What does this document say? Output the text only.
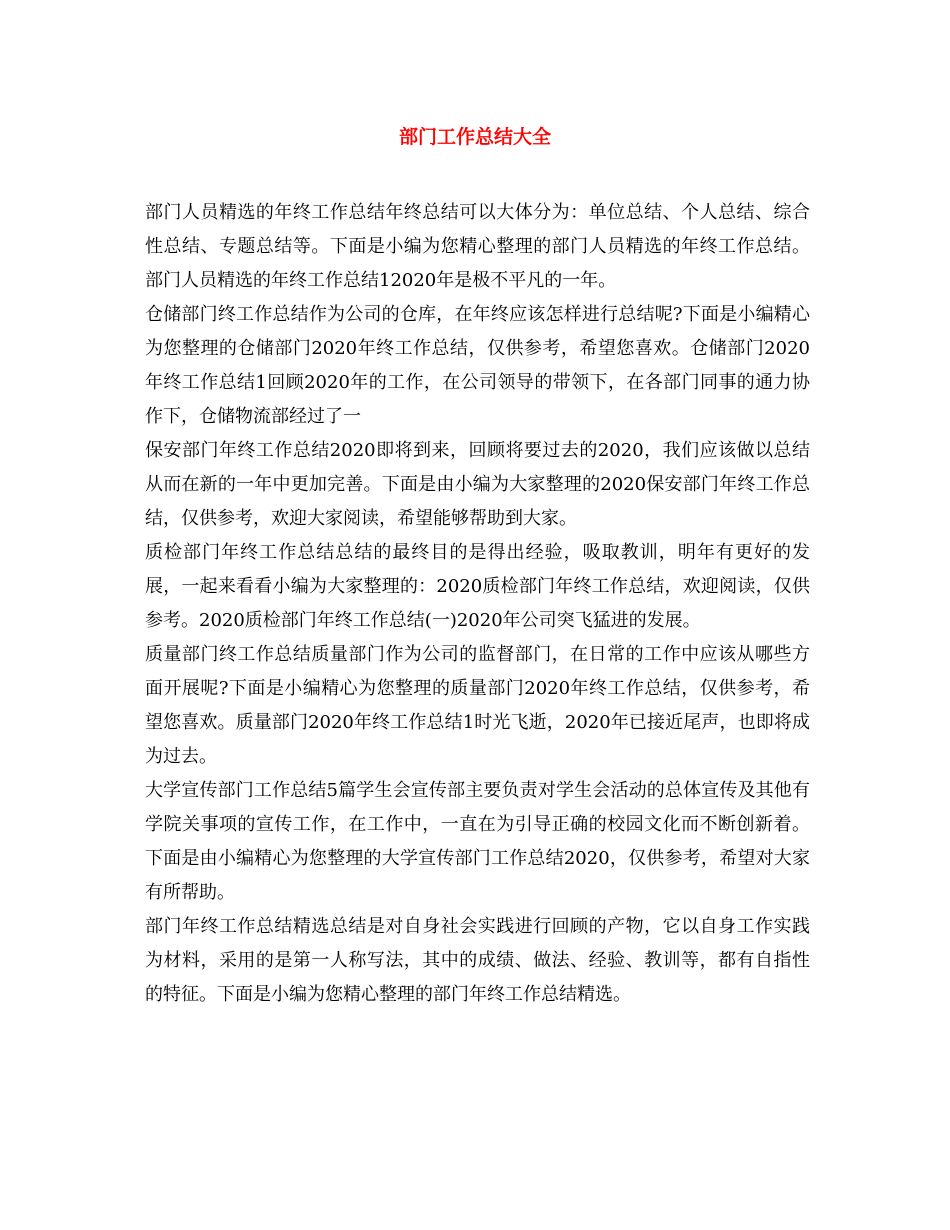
部门工作总结大全

部门人员精选的年终工作总结年终总结可以大体分为：单位总结、个人总结、综合性总结、专题总结等。下面是小编为您精心整理的部门人员精选的年终工作总结。部门人员精选的年终工作总结12020年是极不平凡的一年。

仓储部门终工作总结作为公司的仓库，在年终应该怎样进行总结呢?下面是小编精心为您整理的仓储部门2020年终工作总结，仅供参考，希望您喜欢。仓储部门2020年终工作总结1回顾2020年的工作，在公司领导的带领下，在各部门同事的通力协作下，仓储物流部经过了一

保安部门年终工作总结2020即将到来，回顾将要过去的2020，我们应该做以总结从而在新的一年中更加完善。下面是由小编为大家整理的2020保安部门年终工作总结，仅供参考，欢迎大家阅读，希望能够帮助到大家。

质检部门年终工作总结总结的最终目的是得出经验，吸取教训，明年有更好的发展，一起来看看小编为大家整理的：2020质检部门年终工作总结，欢迎阅读，仅供参考。2020质检部门年终工作总结(一)2020年公司突飞猛进的发展。

质量部门终工作总结质量部门作为公司的监督部门，在日常的工作中应该从哪些方面开展呢?下面是小编精心为您整理的质量部门2020年终工作总结，仅供参考，希望您喜欢。质量部门2020年终工作总结1时光飞逝，2020年已接近尾声，也即将成为过去。

大学宣传部门工作总结5篇学生会宣传部主要负责对学生会活动的总体宣传及其他有学院关事项的宣传工作，在工作中，一直在为引导正确的校园文化而不断创新着。下面是由小编精心为您整理的大学宣传部门工作总结2020，仅供参考，希望对大家有所帮助。

部门年终工作总结精选总结是对自身社会实践进行回顾的产物，它以自身工作实践为材料，采用的是第一人称写法，其中的成绩、做法、经验、教训等，都有自指性的特征。下面是小编为您精心整理的部门年终工作总结精选。
